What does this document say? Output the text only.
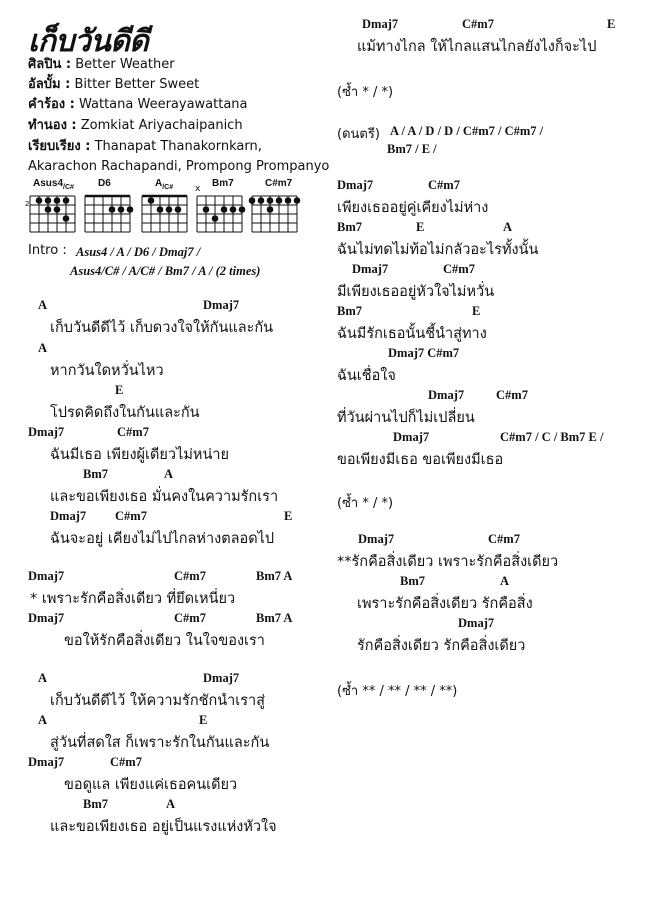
เก็บวันดีดี
ศิลปิน : Better Weather
อัลบั้ม : Bitter Better Sweet
คำร้อง : Wattana Weerayawattana
ทำนอง : Zomkiat Ariyachaipanich
เรียบเรียง : Thanapat Thanakornkarn,
Akarachon Rachapandi, Prompong Prompanyo
$Asus4_{/C\#}$ D6	$A_{/C\#}$	Bm7	C#m7
2
x
Intro : Asus4 / A / D6 / Dmaj7 /
Asus4/C# / A/C# / Bm7 / A / (2 times)
A	Dmaj7
เก็บวันดีดีไว้ เก็บดวงใจให้กันและกัน
A
หากวันใดหวั่นไหว
E
โปรดคิดถึงในกันและกัน
Dmaj7	C#m7
ฉันมีเธอ เพียงผู้เดียวไม่หน่าย
Bm7	A
และขอเพียงเธอ มั่นคงในความรักเรา
Dmaj7 C#m7	E
ฉันจะอยู่ เคียงไม่ไปไกลห่างตลอดไป
Dmaj7	C#m7	Bm7 A
* เพราะรักคือสิ่งเดียว ที่ยึดเหนี่ยว
Dmaj7	C#m7	Bm7 A
ขอให้รักคือสิ่งเดียว ในใจของเรา
A	Dmaj7
เก็บวันดีดีไว้ ให้ความรักชักนำเราสู่
A	E
สู่วันที่สดใส ก็เพราะรักในกันและกัน
Dmaj7	C#m7
ขอดูแล เพียงแค่เธอคนเดียว
Bm7	A
และขอเพียงเธอ อยู่เป็นแรงแห่งหัวใจ
Dmaj7	C#m7	E
แม้ทางไกล ให้ไกลแสนไกลยังไงก็จะไป
(ซ้ำ * / *)
(ดนตรี) A / A / D / D / C#m7 / C#m7 /
Bm7 / E /
Dmaj7	C#m7
เพียงเธออยู่คู่เคียงไม่ห่าง
Bm7	E	A
ฉันไม่ทดไม่ท้อไม่กลัวอะไรทั้งนั้น
Dmaj7	C#m7
มีเพียงเธออยู่หัวใจไม่หวั่น
Bm7	E
ฉันมีรักเธอนั้นชี้นำสู่ทาง
Dmaj7 C#m7
ฉันเชื่อใจ
Dmaj7	C#m7
ที่วันผ่านไปก็ไม่เปลี่ยน
Dmaj7	C#m7 / C / Bm7 E /
ขอเพียงมีเธอ ขอเพียงมีเธอ
(ซ้ำ * / *)
Dmaj7	C#m7
**รักคือสิ่งเดียว เพราะรักคือสิ่งเดียว
Bm7	A
เพราะรักคือสิ่งเดียว รักคือสิ่ง
Dmaj7
รักคือสิ่งเดียว รักคือสิ่งเดียว
(ซ้ำ ** / ** / ** / **)
